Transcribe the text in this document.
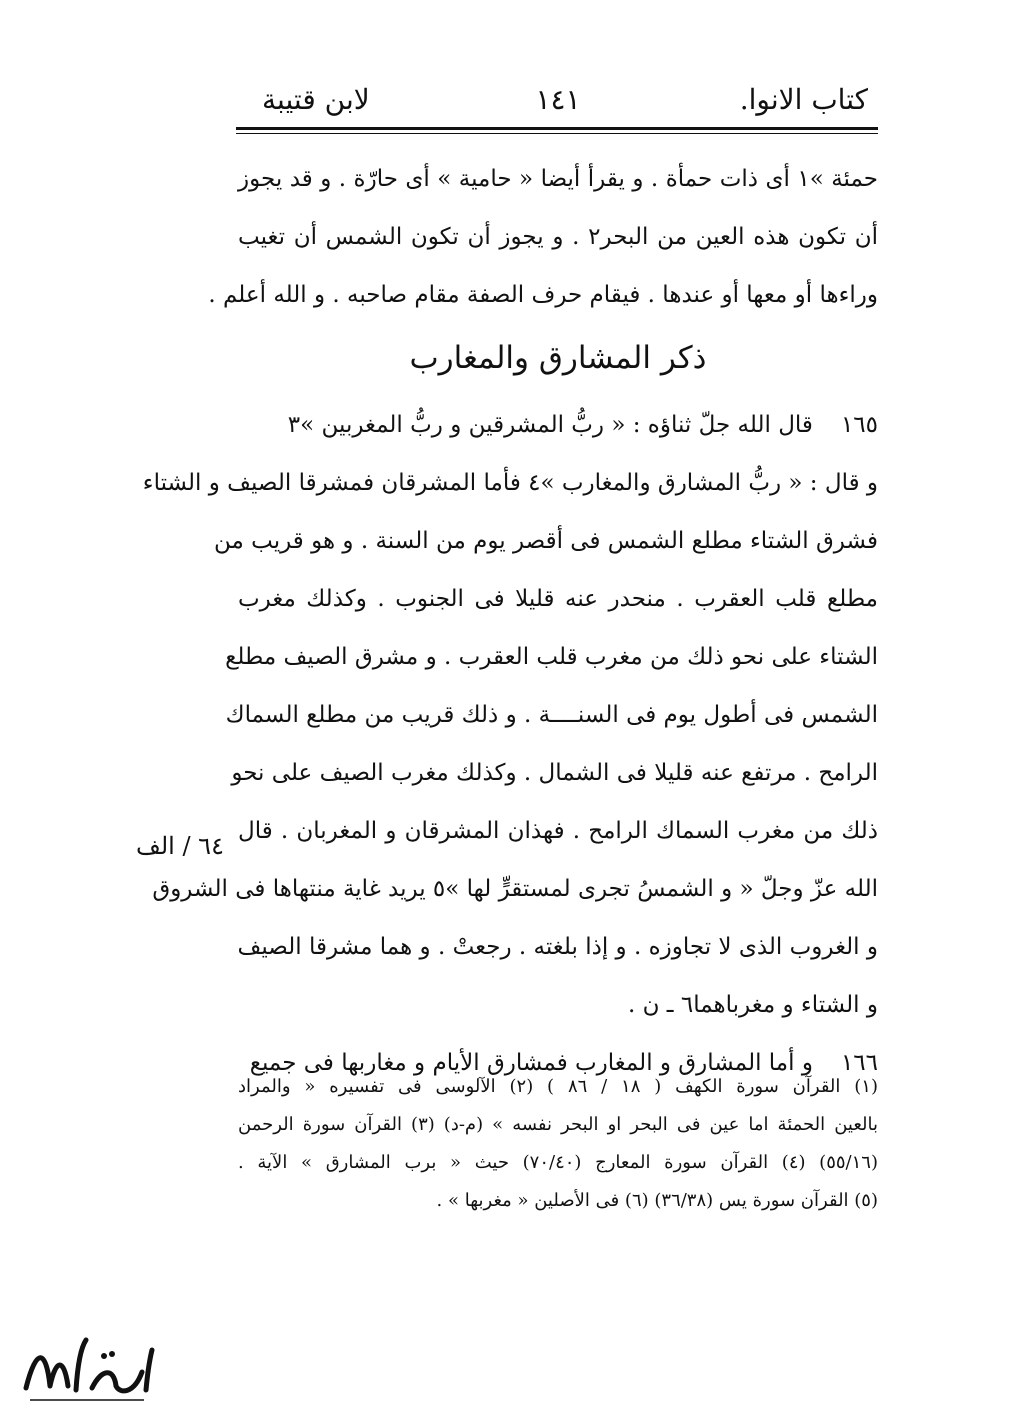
كتاب الانوا.
١٤١
لابن قتيبة
حمئة »١ أى ذات حمأة . و يقرأ أيضا « حامية » أى حارّة . و قد يجوز
أن تكون هذه العين من البحر٢ . و يجوز أن تكون الشمس أن تغيب
وراءها أو معها أو عندها . فيقام حرف الصفة مقام صاحبه . و الله أعلم .
ذكر المشارق والمغارب
١٦٥قال الله جلّ ثناؤه : « ربُّ المشرقين و ربُّ المغربين »٣
و قال : « ربُّ المشارق والمغارب »٤ فأما المشرقان فمشرقا الصيف و الشتاء
فشرق الشتاء مطلع الشمس فى أقصر يوم من السنة . و هو قريب من
مطلع قلب العقرب . منحدر عنه قليلا فى الجنوب . وكذلك مغرب
الشتاء على نحو ذلك من مغرب قلب العقرب . و مشرق الصيف مطلع
الشمس فى أطول يوم فى السنــــة . و ذلك قريب من مطلع السماك
الرامح . مرتفع عنه قليلا فى الشمال . وكذلك مغرب الصيف على نحو
ذلك من مغرب السماك الرامح . فهذان المشرقان و المغربان . قال
الله عزّ وجلّ « و الشمسُ تجرى لمستقرٍّ لها »٥ يريد غاية منتهاها فى الشروق
و الغروب الذى لا تجاوزه . و إذا بلغته . رجعتْ . و هما مشرقا الصيف
و الشتاء و مغرباهما٦ ـ ن .
١٦٦و أما المشارق و المغارب فمشارق الأيام و مغاربها فى جميع
٦٤ / الف
(١) القرآن سورة الكهف ( ١٨ / ٨٦ ) (٢) الآلوسى فى تفسيره « والمراد
بالعين الحمئة اما عين فى البحر او البحر نفسه » (م-د) (٣) القرآن سورة الرحمن
(٥٥/١٦) (٤) القرآن سورة المعارج (٧٠/٤٠) حيث « برب المشارق » الآية .
(٥) القرآن سورة يس (٣٦/٣٨) (٦) فى الأصلين « مغربها » .
